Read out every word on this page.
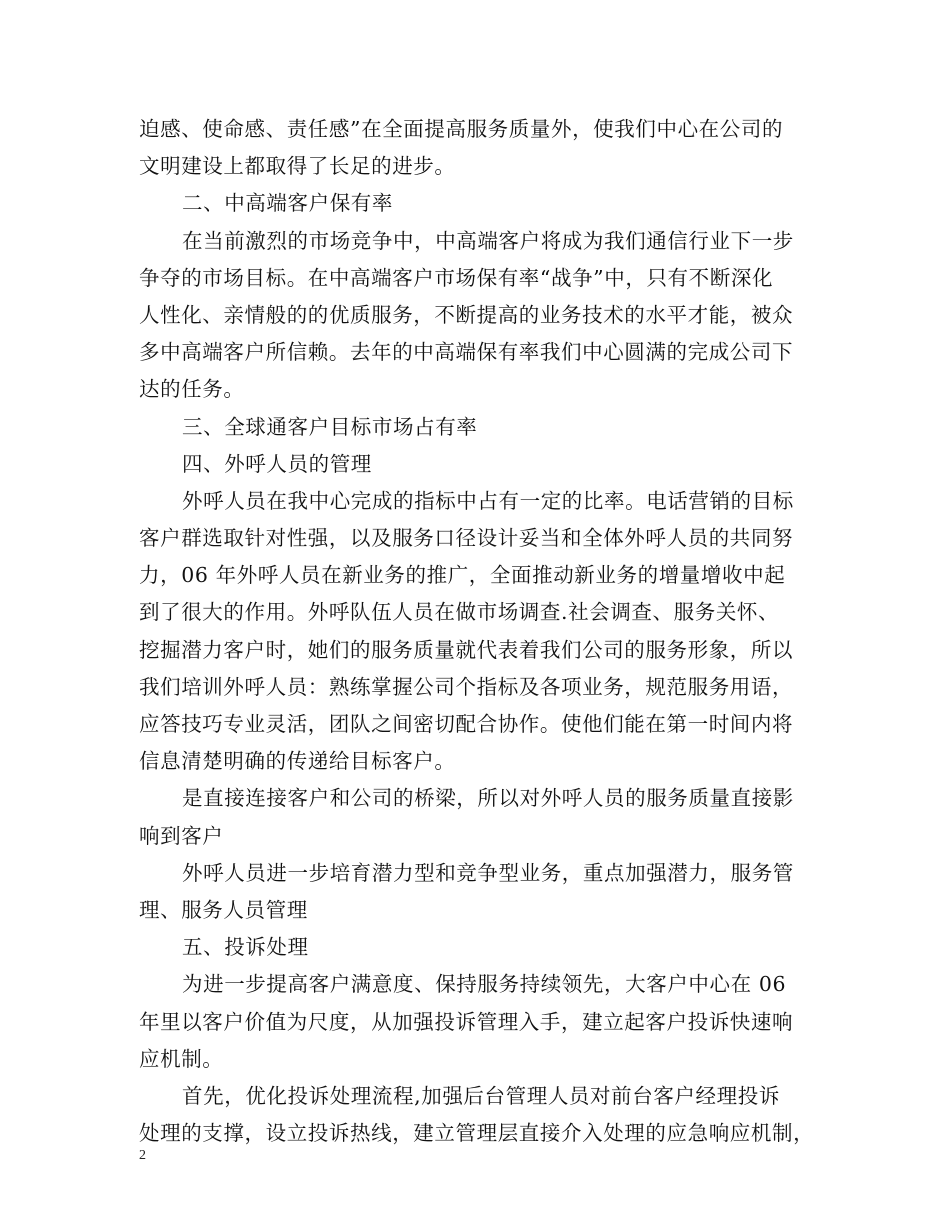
迫感、使命感、责任感”在全面提高服务质量外，使我们中心在公司的
文明建设上都取得了长足的进步。
二、中高端客户保有率
在当前激烈的市场竞争中，中高端客户将成为我们通信行业下一步
争夺的市场目标。在中高端客户市场保有率“战争”中，只有不断深化
人性化、亲情般的的优质服务，不断提高的业务技术的水平才能，被众
多中高端客户所信赖。去年的中高端保有率我们中心圆满的完成公司下
达的任务。
三、全球通客户目标市场占有率
四、外呼人员的管理
外呼人员在我中心完成的指标中占有一定的比率。电话营销的目标
客户群选取针对性强，以及服务口径设计妥当和全体外呼人员的共同努
力，06 年外呼人员在新业务的推广，全面推动新业务的增量增收中起
到了很大的作用。外呼队伍人员在做市场调查.社会调查、服务关怀、
挖掘潜力客户时，她们的服务质量就代表着我们公司的服务形象，所以
我们培训外呼人员：熟练掌握公司个指标及各项业务，规范服务用语，
应答技巧专业灵活，团队之间密切配合协作。使他们能在第一时间内将
信息清楚明确的传递给目标客户。
是直接连接客户和公司的桥梁，所以对外呼人员的服务质量直接影
响到客户
外呼人员进一步培育潜力型和竞争型业务，重点加强潜力，服务管
理、服务人员管理
五、投诉处理
为进一步提高客户满意度、保持服务持续领先，大客户中心在 06
年里以客户价值为尺度，从加强投诉管理入手，建立起客户投诉快速响
应机制。
首先，优化投诉处理流程,加强后台管理人员对前台客户经理投诉
处理的支撑，设立投诉热线，建立管理层直接介入处理的应急响应机制，
2
